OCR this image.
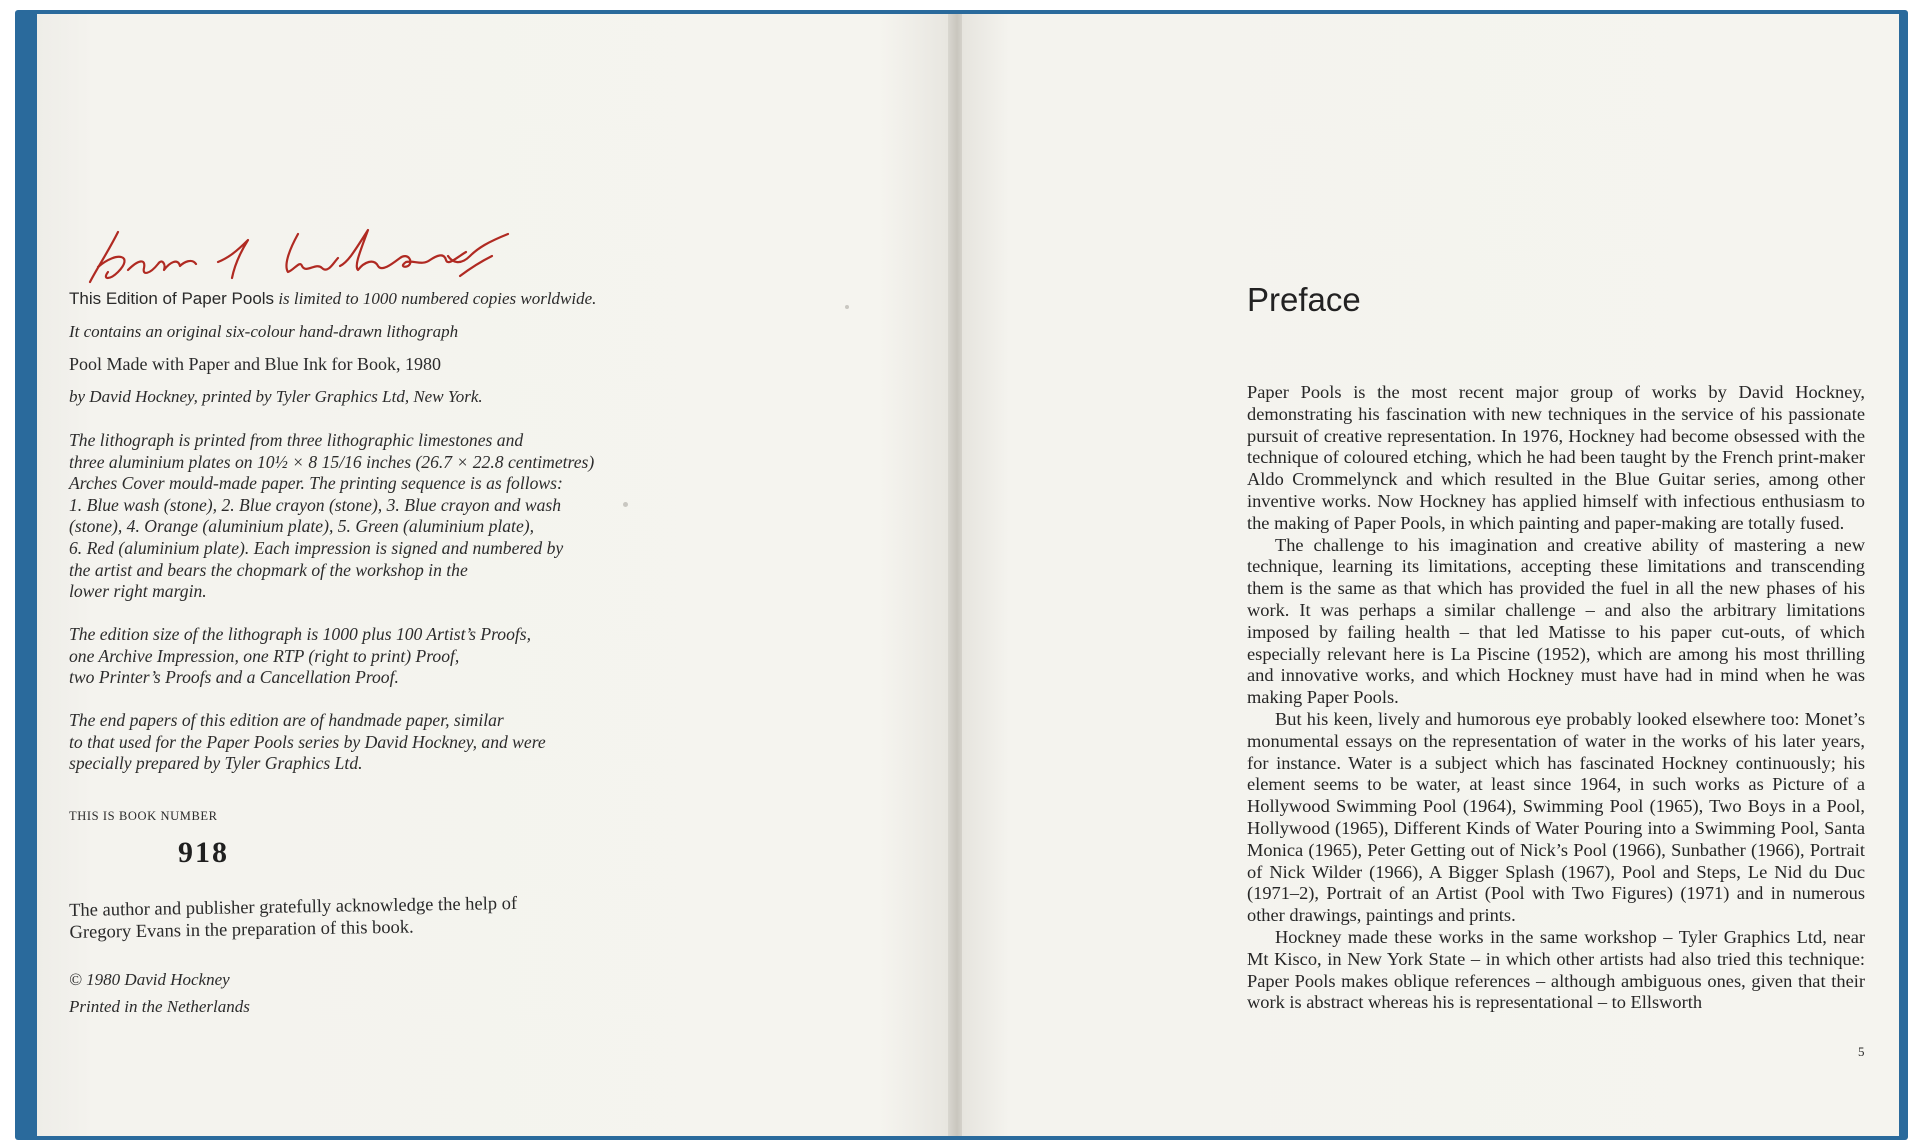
This Edition of Paper Pools is limited to 1000 numbered copies worldwide.
It contains an original six-colour hand-drawn lithograph
Pool Made with Paper and Blue Ink for Book, 1980
by David Hockney, printed by Tyler Graphics Ltd, New York.
The lithograph is printed from three lithographic limestones and
three aluminium plates on 10½ × 8 15/16 inches (26.7 × 22.8 centimetres)
Arches Cover mould-made paper. The printing sequence is as follows:
1. Blue wash (stone), 2. Blue crayon (stone), 3. Blue crayon and wash
(stone), 4. Orange (aluminium plate), 5. Green (aluminium plate),
6. Red (aluminium plate). Each impression is signed and numbered by
the artist and bears the chopmark of the workshop in the
lower right margin.
The edition size of the lithograph is 1000 plus 100 Artist’s Proofs,
one Archive Impression, one RTP (right to print) Proof,
two Printer’s Proofs and a Cancellation Proof.
The end papers of this edition are of handmade paper, similar
to that used for the Paper Pools series by David Hockney, and were
specially prepared by Tyler Graphics Ltd.
THIS IS BOOK NUMBER
918
The author and publisher gratefully acknowledge the help of
Gregory Evans in the preparation of this book.
© 1980 David Hockney
Printed in the Netherlands
Preface

Paper Pools is the most recent major group of works by David Hockney, demonstrating his fascination with new techniques in the service of his passionate pursuit of creative representation. In 1976, Hockney had become obsessed with the technique of coloured etching, which he had been taught by the French print-maker Aldo Crommelynck and which resulted in the Blue Guitar series, among other inventive works. Now Hockney has applied himself with infectious enthusiasm to the making of Paper Pools, in which painting and paper-making are totally fused.

The challenge to his imagination and creative ability of mastering a new technique, learning its limitations, accepting these limitations and transcending them is the same as that which has provided the fuel in all the new phases of his work. It was perhaps a similar challenge – and also the arbitrary limitations imposed by failing health – that led Matisse to his paper cut-outs, of which especially relevant here is La Piscine (1952), which are among his most thrilling and innovative works, and which Hockney must have had in mind when he was making Paper Pools.

But his keen, lively and humorous eye probably looked elsewhere too: Monet’s monumental essays on the representation of water in the works of his later years, for instance. Water is a subject which has fascinated Hockney continuously; his element seems to be water, at least since 1964, in such works as Picture of a Hollywood Swimming Pool (1964), Swimming Pool (1965), Two Boys in a Pool, Hollywood (1965), Different Kinds of Water Pouring into a Swimming Pool, Santa Monica (1965), Peter Getting out of Nick’s Pool (1966), Sunbather (1966), Portrait of Nick Wilder (1966), A Bigger Splash (1967), Pool and Steps, Le Nid du Duc (1971–2), Portrait of an Artist (Pool with Two Figures) (1971) and in numerous other drawings, paintings and prints.

Hockney made these works in the same workshop – Tyler Graphics Ltd, near Mt Kisco, in New York State – in which other artists had also tried this technique: Paper Pools makes oblique references – although ambiguous ones, given that their work is abstract whereas his is representational – to Ellsworth

5
